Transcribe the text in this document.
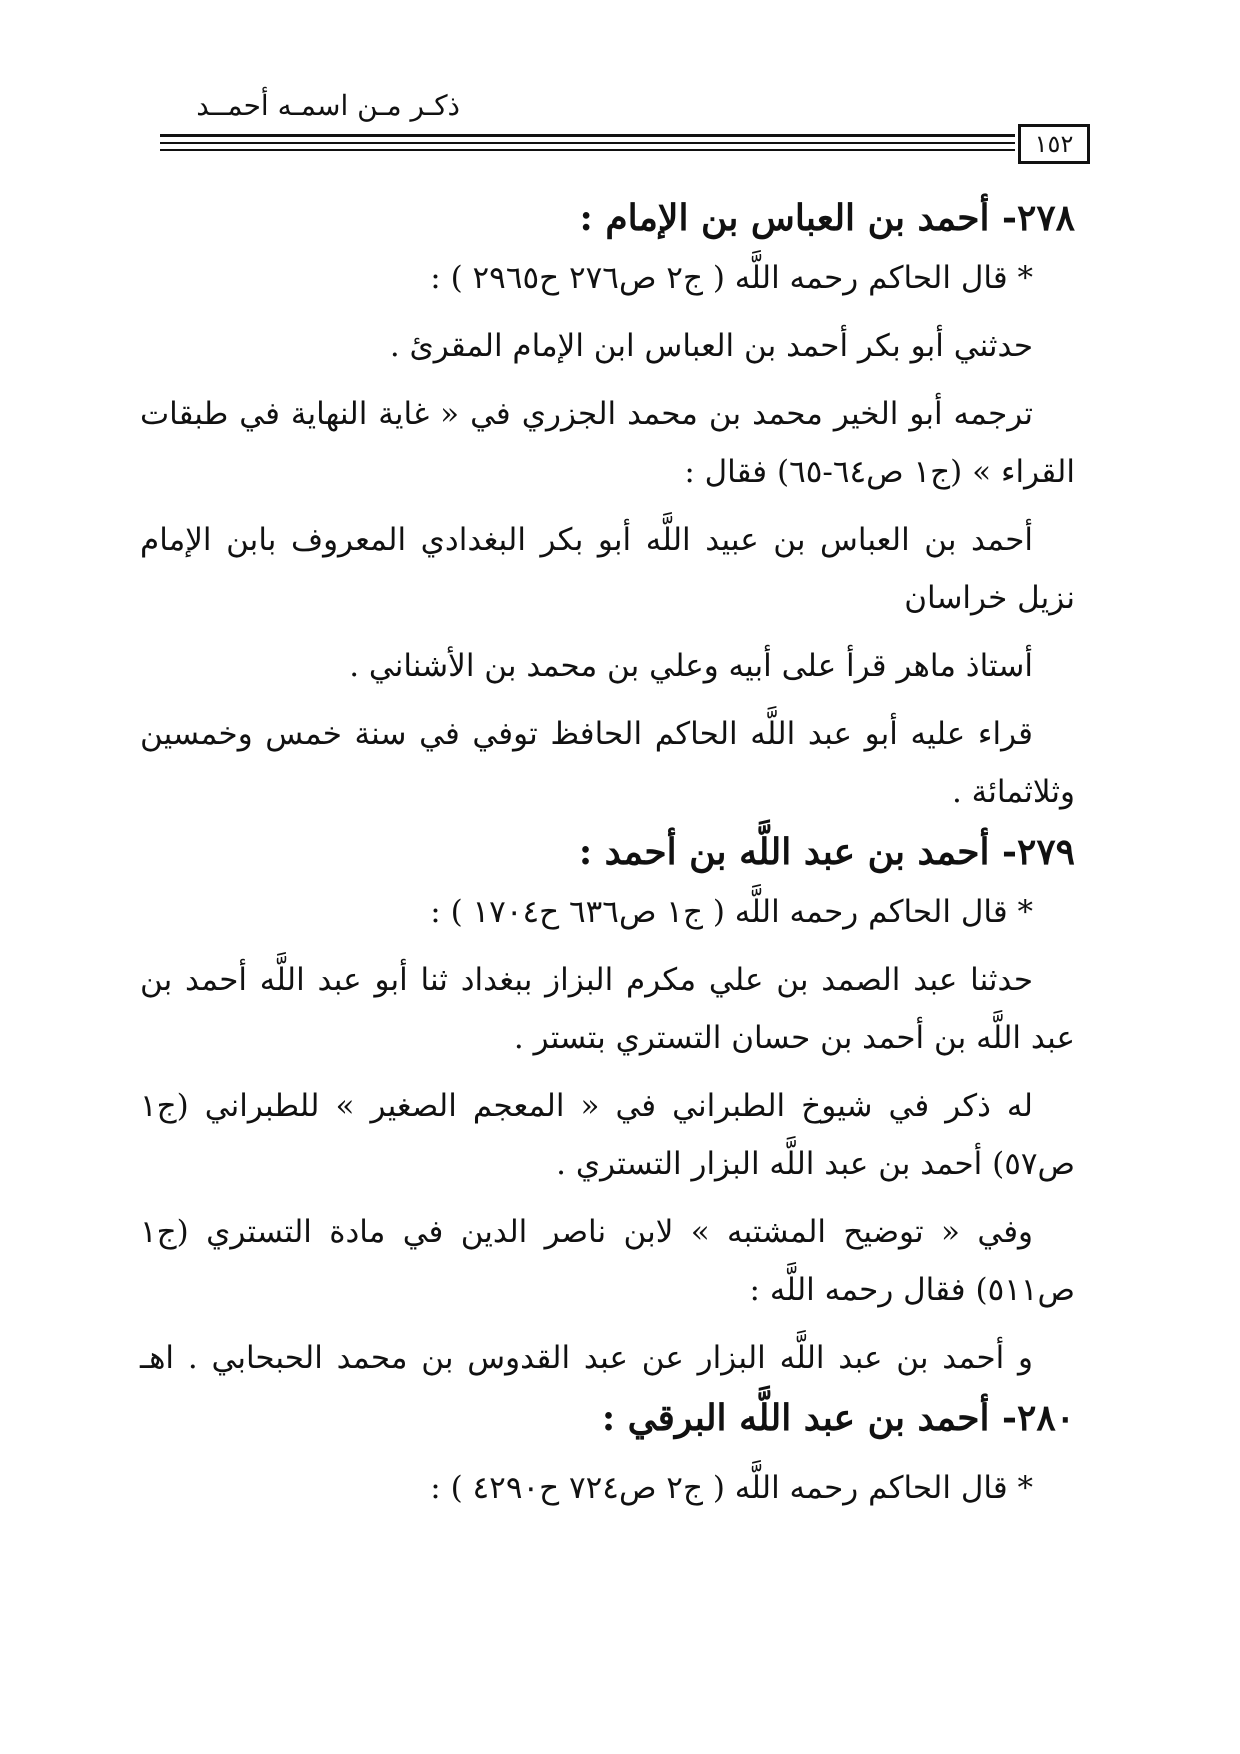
ذكـر مـن اسمـه أحمــد
١٥٢

٢٧٨- أحمد بن العباس بن الإمام :

* قال الحاكم رحمه اللَّه ( ج٢ ص٢٧٦ ح٢٩٦٥ ) :

حدثني أبو بكر أحمد بن العباس ابن الإمام المقرئ .

ترجمه أبو الخير محمد بن محمد الجزري في « غاية النهاية في طبقات

القراء » (ج١ ص٦٤-٦٥) فقال :

أحمد بن العباس بن عبيد اللَّه أبو بكر البغدادي المعروف بابن الإمام

نزيل خراسان

أستاذ ماهر قرأ على أبيه وعلي بن محمد بن الأشناني .

قراء عليه أبو عبد اللَّه الحاكم الحافظ توفي في سنة خمس وخمسين

وثلاثمائة .

٢٧٩- أحمد بن عبد اللَّه بن أحمد :

* قال الحاكم رحمه اللَّه ( ج١ ص٦٣٦ ح١٧٠٤ ) :

حدثنا عبد الصمد بن علي مكرم البزاز ببغداد ثنا أبو عبد اللَّه أحمد بن

عبد اللَّه بن أحمد بن حسان التستري بتستر .

له ذكر في شيوخ الطبراني في « المعجم الصغير » للطبراني (ج١

ص٥٧) أحمد بن عبد اللَّه البزار التستري .

وفي « توضيح المشتبه » لابن ناصر الدين في مادة التستري (ج١

ص٥١١) فقال رحمه اللَّه :

و أحمد بن عبد اللَّه البزار عن عبد القدوس بن محمد الحبحابي . اهـ

٢٨٠- أحمد بن عبد اللَّه البرقي :

* قال الحاكم رحمه اللَّه ( ج٢ ص٧٢٤ ح٤٢٩٠ ) :
